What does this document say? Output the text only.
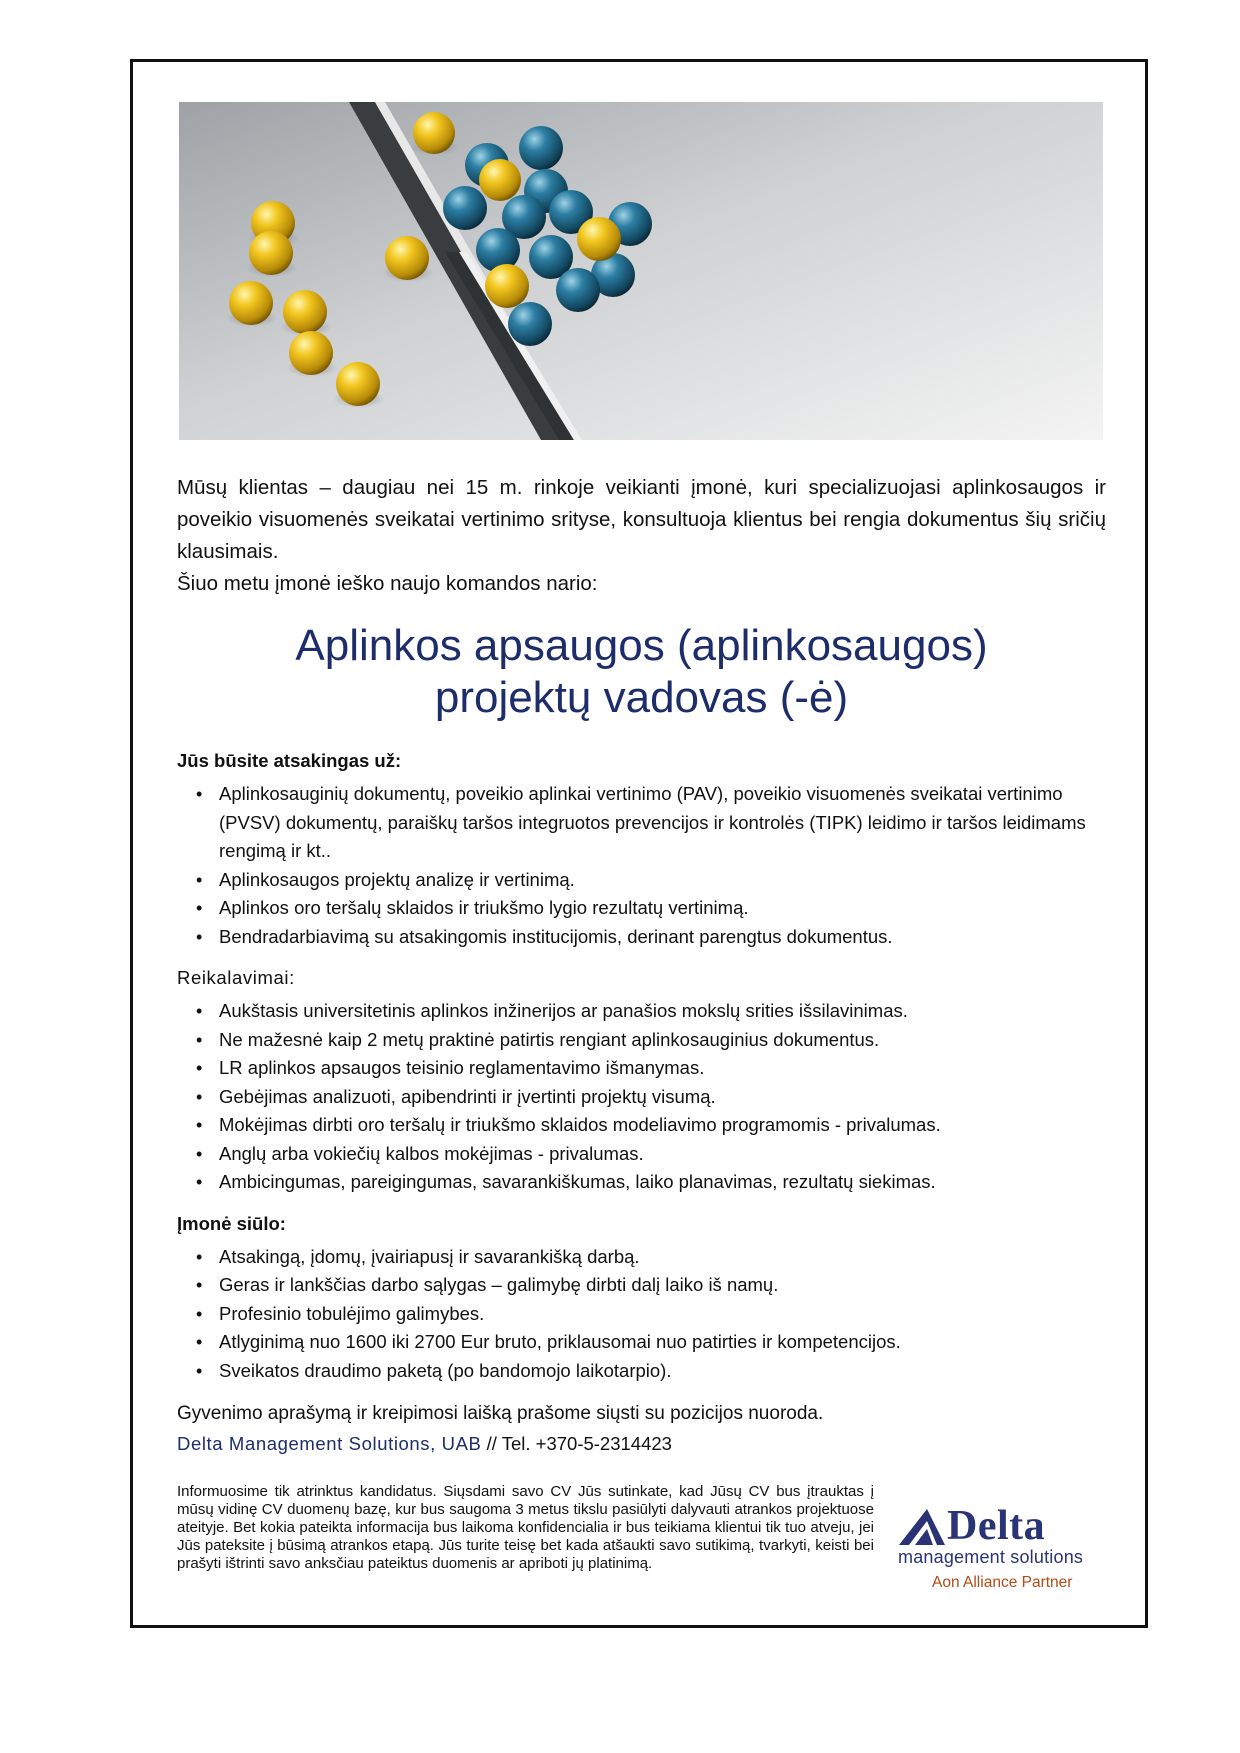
Mūsų klientas – daugiau nei 15 m. rinkoje veikianti įmonė, kuri specializuojasi aplinkosaugos ir poveikio visuomenės sveikatai vertinimo srityse, konsultuoja klientus bei rengia dokumentus šių sričių klausimais.

Šiuo metu įmonė ieško naujo komandos nario:

Aplinkos apsaugos (aplinkosaugos)
projektų vadovas (-ė)

Jūs būsite atsakingas už:

• Aplinkosauginių dokumentų, poveikio aplinkai vertinimo (PAV), poveikio visuomenės sveikatai vertinimo (PVSV) dokumentų, paraiškų taršos integruotos prevencijos ir kontrolės (TIPK) leidimo ir taršos leidimams rengimą ir kt..
• Aplinkosaugos projektų analizę ir vertinimą.
• Aplinkos oro teršalų sklaidos ir triukšmo lygio rezultatų vertinimą.
• Bendradarbiavimą su atsakingomis institucijomis, derinant parengtus dokumentus.

Reikalavimai:

• Aukštasis universitetinis aplinkos inžinerijos ar panašios mokslų srities išsilavinimas.
• Ne mažesnė kaip 2 metų praktinė patirtis rengiant aplinkosauginius dokumentus.
• LR aplinkos apsaugos teisinio reglamentavimo išmanymas.
• Gebėjimas analizuoti, apibendrinti ir įvertinti projektų visumą.
• Mokėjimas dirbti oro teršalų ir triukšmo sklaidos modeliavimo programomis - privalumas.
• Anglų arba vokiečių kalbos mokėjimas - privalumas.
• Ambicingumas, pareigingumas, savarankiškumas, laiko planavimas, rezultatų siekimas.

Įmonė siūlo:

• Atsakingą, įdomų, įvairiapusį ir savarankišką darbą.
• Geras ir lankščias darbo sąlygas – galimybę dirbti dalį laiko iš namų.
• Profesinio tobulėjimo galimybes.
• Atlyginimą nuo 1600 iki 2700 Eur bruto, priklausomai nuo patirties ir kompetencijos.
• Sveikatos draudimo paketą (po bandomojo laikotarpio).

Gyvenimo aprašymą ir kreipimosi laišką prašome siųsti su pozicijos nuoroda.

Delta Management Solutions, UAB // Tel. +370-5-2314423

Informuosime tik atrinktus kandidatus. Siųsdami savo CV Jūs sutinkate, kad Jūsų CV bus įtrauktas į mūsų vidinę CV duomenų bazę, kur bus saugoma 3 metus tikslu pasiūlyti dalyvauti atrankos projektuose ateityje. Bet kokia pateikta informacija bus laikoma konfidencialia ir bus teikiama klientui tik tuo atveju, jei Jūs pateksite į būsimą atrankos etapą. Jūs turite teisę bet kada atšaukti savo sutikimą, tvarkyti, keisti bei prašyti ištrinti savo anksčiau pateiktus duomenis ar apriboti jų platinimą.

Delta
management solutions
Aon Alliance Partner
